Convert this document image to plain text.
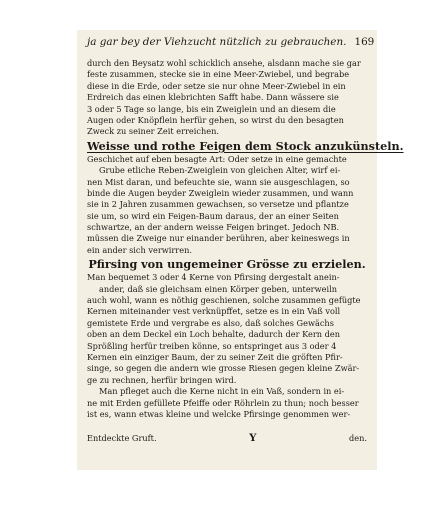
ja gar bey der Viehzucht nützlich zu gebrauchen. 169
durch den Beysatz wohl schicklich ansehe, alsdann mache sie gar
feste zusammen, stecke sie in eine Meer-Zwiebel, und begrabe
diese in die Erde, oder setze sie nur ohne Meer-Zwiebel in ein
Erdreich das einen klebrichten Safft habe. Dann wässere sie
3 oder 5 Tage so lange, bis ein Zweiglein und an diesem die
Augen oder Knöpflein herfür gehen, so wirst du den besagten
Zweck zu seiner Zeit erreichen.
Weisse und rothe Feigen dem Stock anzukünsteln.
Geschichet auf eben besagte Art: Oder setze in eine gemachte
Grube etliche Reben-Zweiglein von gleichen Alter, wirf ei-
nen Mist daran, und befeuchte sie, wann sie ausgeschlagen, so
binde die Augen beyder Zweiglein wieder zusammen, und wann
sie in 2 Jahren zusammen gewachsen, so versetze und pflantze
sie um, so wird ein Feigen-Baum daraus, der an einer Seiten
schwartze, an der andern weisse Feigen bringet. Jedoch NB.
müssen die Zweige nur einander berühren, aber keineswegs in
ein ander sich verwirren.
Pfirsing von ungemeiner Grösse zu erzielen.
Man bequemet 3 oder 4 Kerne von Pfirsing dergestalt anein-
ander, daß sie gleichsam einen Körper geben, unterweiln
auch wohl, wann es nöthig geschienen, solche zusammen gefügte
Kernen miteinander vest verknüpffet, setze es in ein Vaß voll
gemistete Erde und vergrabe es also, daß solches Gewächs
oben an dem Deckel ein Loch behalte, dadurch der Kern den
Sprößling herfür treiben könne, so entspringet aus 3 oder 4
Kernen ein einziger Baum, der zu seiner Zeit die gröften Pfir-
singe, so gegen die andern wie grosse Riesen gegen kleine Zwär-
ge zu rechnen, herfür bringen wird.
Man pfleget auch die Kerne nicht in ein Vaß, sondern in ei-
ne mit Erden gefüllete Pfeiffe oder Röhrlein zu thun; noch besser
ist es, wann etwas kleine und welcke Pfirsinge genommen wer-
Entdeckte Gruft.	Y	den.
